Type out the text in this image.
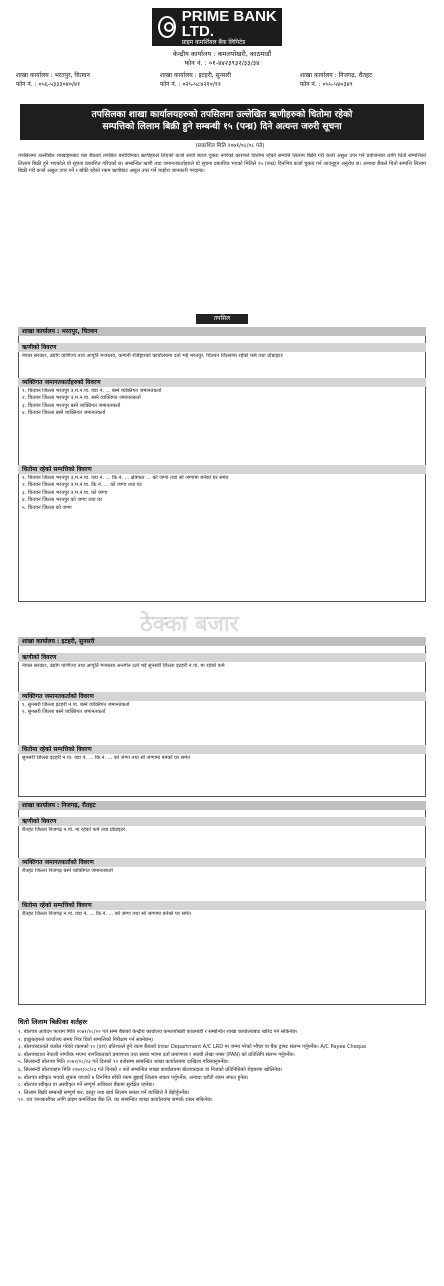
PRIME BANK LTD.
प्राइम कमर्शियल बैंक लिमिटेड
केन्द्रीय कार्यालय : कमलपोखरी, काठमाडौं
फोन नं. : ०१-४४२३९३२/३३/३४
शाखा कार्यालय : भरतपुर, चितवन
फोन नं. : ०५६-५३३३०४०/४१
शाखा कार्यालय : इटहरी, सुनसरी
फोन नं. : ०२५-५८४२१०/११
शाखा कार्यालय : निजगढ़, रौतहट
फोन नं. : ०५५-५४०३४९
तपसिलका शाखा कार्यालयहरुको तपसिलमा उल्लेखित ऋणीहरुको धितोमा रहेको
सम्पत्तिको लिलाम बिक्री हुने सम्बन्धी १५ (पन्ध्र) दिने अत्यन्त जरुरी सूचना
(प्रकाशित मिति २०७१/०८/०८ गते)
तपसिलमा उल्लेखित शाखाहरुबाट यस बैंकको तपसिल बमोजिमका ऋणीहरुले लिएको कर्जा सावाँ ब्याज चुक्ता नगरेको कारणले धितोमा रहेको सम्पत्ति लिलाम बिक्री गरी कर्जा असुल उपर गर्ने प्रयोजनका लागि धितो सम्पत्तिको लिलाम बिक्री हुने भएकोले यो सूचना प्रकाशित गरिएको छ। सम्बन्धित ऋणी तथा जमानतकर्ताहरुले यो सूचना प्रकाशित भएको मितिले १५ (पन्ध्र) दिनभित्र कर्जा चुक्ता गर्न आउनुहुन अनुरोध छ। अन्यथा बैंकले धितो सम्पत्ति लिलाम बिक्री गरी कर्जा असुल उपर गर्ने र बाँकी रहेको रकम ऋणीबाट असुल उपर गर्ने व्यहोरा जानकारी गराइन्छ।
तपसिल
शाखा कार्यालय : भरतपुर, चितवन
ऋणीको विवरण
नेपाल सरकार, उद्योग वाणिज्य तथा आपूर्ति मन्त्रालय, कम्पनी रजिष्ट्रारको कार्यालयमा दर्ता भई भरतपुर, चितवन जिल्लामा रहेको फर्म तथा प्रोप्राइटर
व्यक्तिगत जमानतकर्ताहरुको विवरण
१. चितवन जिल्ला भरतपुर उ.म.न.पा. वडा नं. ... बस्ने व्यक्तिगत जमानतकर्ता
२. चितवन जिल्ला भरतपुर उ.म.न.पा. बस्ने व्यक्तिगत जमानतकर्ता
३. चितवन जिल्ला भरतपुर बस्ने व्यक्तिगत जमानतकर्ता
४. चितवन जिल्ला बस्ने व्यक्तिगत जमानतकर्ता
धितोमा रहेको सम्पत्तिको विवरण
१. चितवन जिल्ला भरतपुर उ.म.न.पा. वडा नं. ... कि.नं. ... क्षेत्रफल ... को जग्गा तथा सो जग्गामा बनेको घर समेत
२. चितवन जिल्ला भरतपुर उ.म.न.पा. कि.नं. ... को जग्गा तथा घर
३. चितवन जिल्ला भरतपुर उ.म.न.पा. को जग्गा
४. चितवन जिल्ला भरतपुर को जग्गा तथा घर
५. चितवन जिल्ला को जग्गा
ठेक्का बजार
शाखा कार्यालय : इटहरी, सुनसरी
ऋणीको विवरण
नेपाल सरकार, उद्योग वाणिज्य तथा आपूर्ति मन्त्रालय अन्तर्गत दर्ता भई सुनसरी जिल्ला इटहरी न.पा. मा रहेको फर्म
व्यक्तिगत जमानतकर्ताको विवरण
१. सुनसरी जिल्ला इटहरी न.पा. बस्ने व्यक्तिगत जमानतकर्ता
२. सुनसरी जिल्ला बस्ने व्यक्तिगत जमानतकर्ता
धितोमा रहेको सम्पत्तिको विवरण
सुनसरी जिल्ला इटहरी न.पा. वडा नं. ... कि.नं. ... को जग्गा तथा सो जग्गामा बनेको घर समेत
शाखा कार्यालय : निजगढ़, रौतहट
ऋणीको विवरण
रौतहट जिल्ला निजगढ़ न.पा. मा रहेको फर्म तथा प्रोप्राइटर
व्यक्तिगत जमानतकर्ताको विवरण
रौतहट जिल्ला निजगढ़ बस्ने व्यक्तिगत जमानतकर्ता
धितोमा रहेको सम्पत्तिको विवरण
रौतहट जिल्ला निजगढ़ न.पा. वडा नं. ... कि.नं. ... को जग्गा तथा सो जग्गामा बनेको घर समेत
धितो लिलाम बिक्रीका शर्तहरुः
१. बोलपत्र आवेदन फाराम मिति २०७१/०८/२२ गते सम्म बैंकको केन्द्रीय कार्यालय कमलपोखरी काठमाडौं र सम्बन्धित शाखा कार्यालयबाट खरिद गर्न सकिनेछ।
२. इच्छुकहरुले कार्यालय समय भित्र धितो सम्पत्तिको निरीक्षण गर्न सक्नेछन्।
३. बोलपत्रदाताले कबोल गरेको रकमको १० (दश) प्रतिशतले हुने रकम बैंकको Inter Department A/C LRD मा जम्मा गरेको भौचर वा बैंक ड्राफ्ट संलग्न गर्नुपर्नेछ। A/C Payee Cheque
४. बोलपत्रदाता नेपाली नागरिक भएमा नागरिकताको प्रमाणपत्र तथा संस्था भएमा दर्ता प्रमाणपत्र र स्थायी लेखा नम्बर (PAN) को प्रतिलिपि संलग्न गर्नुपर्नेछ।
५. सिलबन्दी बोलपत्र मिति २०७१/०८/२३ गते दिनको १२ बजेसम्म सम्बन्धित शाखा कार्यालयमा दाखिला गरिसक्नुपर्नेछ।
६. सिलबन्दी बोलपत्रहरु मिति २०७१/०८/२३ गते दिनको २ बजे सम्बन्धित शाखा कार्यालयमा बोलपत्रदाता वा निजको प्रतिनिधिको रोहबरमा खोलिनेछ।
७. बोलपत्र स्वीकृत भएको सूचना पाएको ७ दिनभित्र बाँकी रकम बुझाई लिलाम सकार गर्नुपर्नेछ, अन्यथा धरौटी रकम जफत हुनेछ।
८. बोलपत्र स्वीकृत वा अस्वीकृत गर्ने सम्पूर्ण अधिकार बैंकमा सुरक्षित रहनेछ।
९. लिलाम बिक्री सम्बन्धी सम्पूर्ण कर, दस्तुर तथा खर्च लिलाम सकार गर्ने व्यक्तिले नै बेहोर्नुपर्नेछ।
१०. थप जानकारीका लागि प्राइम कमर्शियल बैंक लि. का सम्बन्धित शाखा कार्यालयमा सम्पर्क राख्न सकिनेछ।
